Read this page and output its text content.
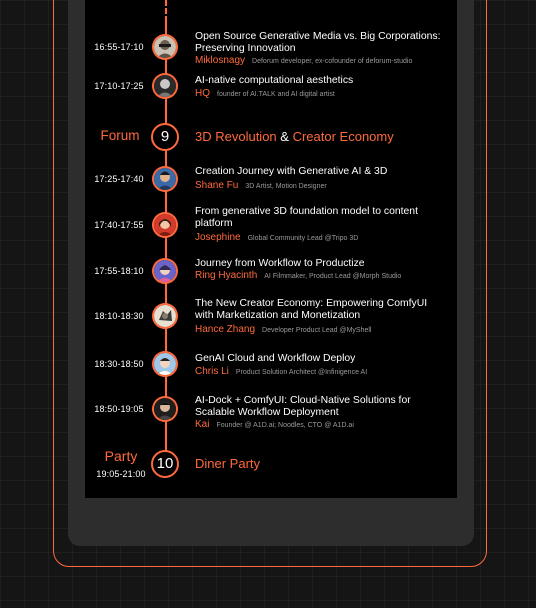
16:55-17:10
Open Source Generative Media vs. Big Corporations: Preserving Innovation
Miklosnagy Deforum developer, ex-cofounder of deforum-studio
17:10-17:25	AI-native computational aesthetics
HQ founder of AI.TALK and AI digital artist
Forum	9	3D Revolution & Creator Economy
17:25-17:40
Creation Journey with Generative AI & 3D
Shane Fu 3D Artist, Motion Designer
17:40-17:55
From generative 3D foundation model to content platform
Josephine Global Community Lead @Tripo 3D
17:55-18:10
Journey from Workflow to Productize
Ring Hyacinth AI Filmmaker, Product Lead @Morph Studio
18:10-18:30
The New Creator Economy: Empowering ComfyUI with Marketization and Monetization
Hance Zhang Developer Product Lead @MyShell
18:30-18:50	GenAI Cloud and Workflow Deploy
Chris Li Product Solution Architect @Infinigence AI
18:50-19:05
AI-Dock + ComfyUI: Cloud-Native Solutions for Scalable Workflow Deployment
Kai Founder @ A1D.ai; Noodles, CTO @ A1D.ai
Party
19:05-21:00
10	Diner Party
